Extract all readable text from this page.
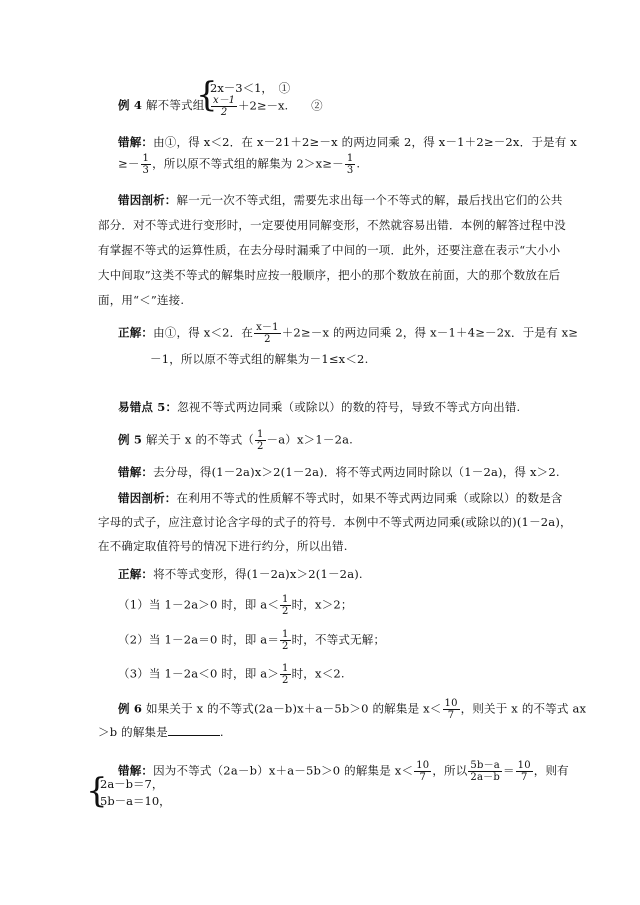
{
2x－3＜1，　①
例 4 解不等式组 $\frac{x-1}{2} +2\ge-x$.　　②
错解：由①，得 x＜2．在 x－21＋2≥－x 的两边同乘 2，得 x－1＋2≥－2x．于是有 x
≥－ $\frac{1}{3}$ ，所以原不等式组的解集为 $2>x\ge- \frac{1}{3}$ .
错因剖析：解一元一次不等式组，需要先求出每一个不等式的解，最后找出它们的公共
部分．对不等式进行变形时，一定要使用同解变形，不然就容易出错．本例的解答过程中没
有掌握不等式的运算性质，在去分母时漏乘了中间的一项．此外，还要注意在表示“大小小
大中间取”这类不等式的解集时应按一般顺序，把小的那个数放在前面，大的那个数放在后
面，用“＜”连接.
正解：由①，得 x＜2．在 $\frac{x-1}{2} +2\ge-x$ 的两边同乘 2，得 x－1＋4≥－2x．于是有 x≥
－1，所以原不等式组的解集为－1≤x＜2.
易错点 5：忽视不等式两边同乘（或除以）的数的符号，导致不等式方向出错.
例 5 解关于 x 的不等式（ $\frac{1}{2} -a)x>1-2a$.
错解：去分母，得(1－2a)x＞2(1－2a)．将不等式两边同时除以（1－2a)，得 x＞2.
错因剖析：在利用不等式的性质解不等式时，如果不等式两边同乘（或除以）的数是含
字母的式子，应注意讨论含字母的式子的符号．本例中不等式两边同乘(或除以的)(1－2a)，
在不确定取值符号的情况下进行约分，所以出错.
正解：将不等式变形，得(1－2a)x＞2(1－2a).
（1）当 1－2a＞0 时，即 $a< \frac{1}{2}$ 时，x＞2；
（2）当 1－2a＝0 时，即 $a= \frac{1}{2}$ 时，不等式无解；
（3）当 1－2a＜0 时，即 $a> \frac{1}{2}$ 时，x＜2.
例 6 如果关于 x 的不等式(2a－b)x＋a－5b＞0 的解集是 $x< \frac{10}{7}$ ，则关于 x 的不等式 ax
＞b 的解集是	.
错解：因为不等式（2a－b）x＋a－5b＞0 的解集是 $x< \frac{10}{7}$ ，所以 $\frac{5b-a}{2a-b} = \frac{10}{7}$ ，则有
{
2a－b＝7，
5b－a＝10，
